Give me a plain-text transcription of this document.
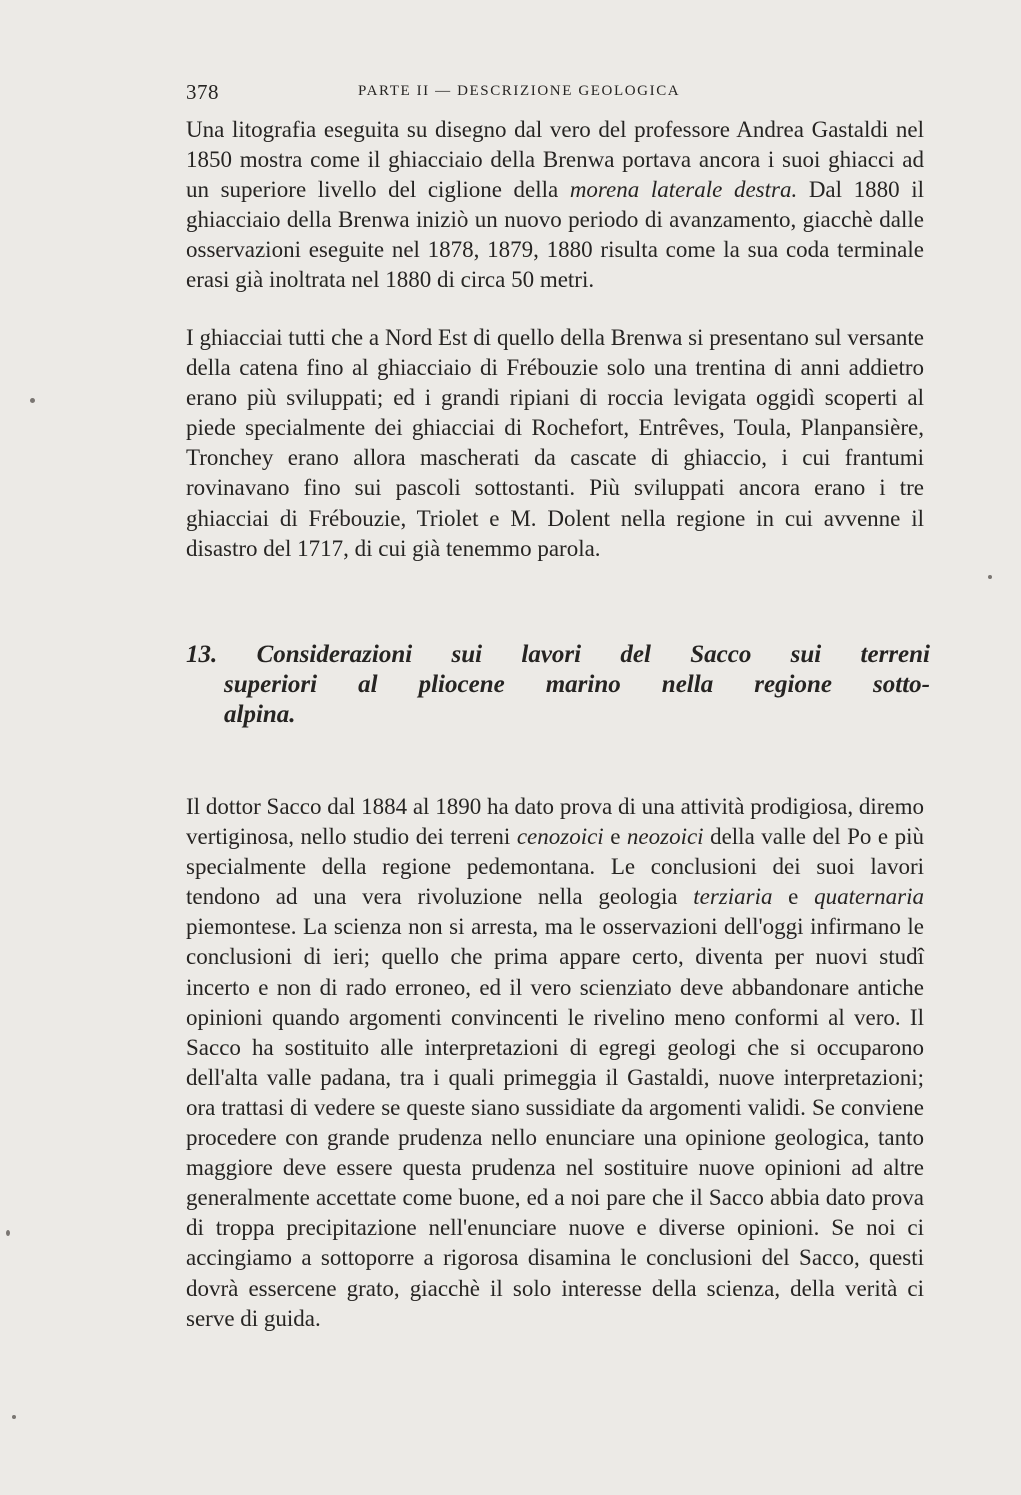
378	PARTE II — DESCRIZIONE GEOLOGICA

Una litografia eseguita su disegno dal vero del professore Andrea Gastaldi nel 1850 mostra come il ghiacciaio della Brenwa portava ancora i suoi ghiacci ad un superiore livello del ciglione della morena laterale destra. Dal 1880 il ghiacciaio della Brenwa iniziò un nuovo periodo di avanzamento, giacchè dalle osservazioni eseguite nel 1878, 1879, 1880 risulta come la sua coda terminale erasi già inoltrata nel 1880 di circa 50 metri.

I ghiacciai tutti che a Nord Est di quello della Brenwa si presentano sul versante della catena fino al ghiacciaio di Frébouzie solo una trentina di anni addietro erano più sviluppati; ed i grandi ripiani di roccia levigata oggidì scoperti al piede specialmente dei ghiacciai di Rochefort, Entrêves, Toula, Planpansière, Tronchey erano allora mascherati da cascate di ghiaccio, i cui frantumi rovinavano fino sui pascoli sottostanti. Più sviluppati ancora erano i tre ghiacciai di Frébouzie, Triolet e M. Dolent nella regione in cui avvenne il disastro del 1717, di cui già tenemmo parola.

13. Considerazioni sui lavori del Sacco sui terreni
superiori al pliocene marino nella regione sotto-
alpina.

Il dottor Sacco dal 1884 al 1890 ha dato prova di una attività prodigiosa, diremo vertiginosa, nello studio dei terreni cenozoici e neozoici della valle del Po e più specialmente della regione pedemontana. Le conclusioni dei suoi lavori tendono ad una vera rivoluzione nella geologia terziaria e quaternaria piemontese. La scienza non si arresta, ma le osservazioni dell'oggi infirmano le conclusioni di ieri; quello che prima appare certo, diventa per nuovi studî incerto e non di rado erroneo, ed il vero scienziato deve abbandonare antiche opinioni quando argomenti convincenti le rivelino meno conformi al vero. Il Sacco ha sostituito alle interpretazioni di egregi geologi che si occuparono dell'alta valle padana, tra i quali primeggia il Gastaldi, nuove interpretazioni; ora trattasi di vedere se queste siano sussidiate da argomenti validi. Se conviene procedere con grande prudenza nello enunciare una opinione geologica, tanto maggiore deve essere questa prudenza nel sostituire nuove opinioni ad altre generalmente accettate come buone, ed a noi pare che il Sacco abbia dato prova di troppa precipitazione nell'enunciare nuove e diverse opinioni. Se noi ci accingiamo a sottoporre a rigorosa disamina le conclusioni del Sacco, questi dovrà essercene grato, giacchè il solo interesse della scienza, della verità ci serve di guida.
